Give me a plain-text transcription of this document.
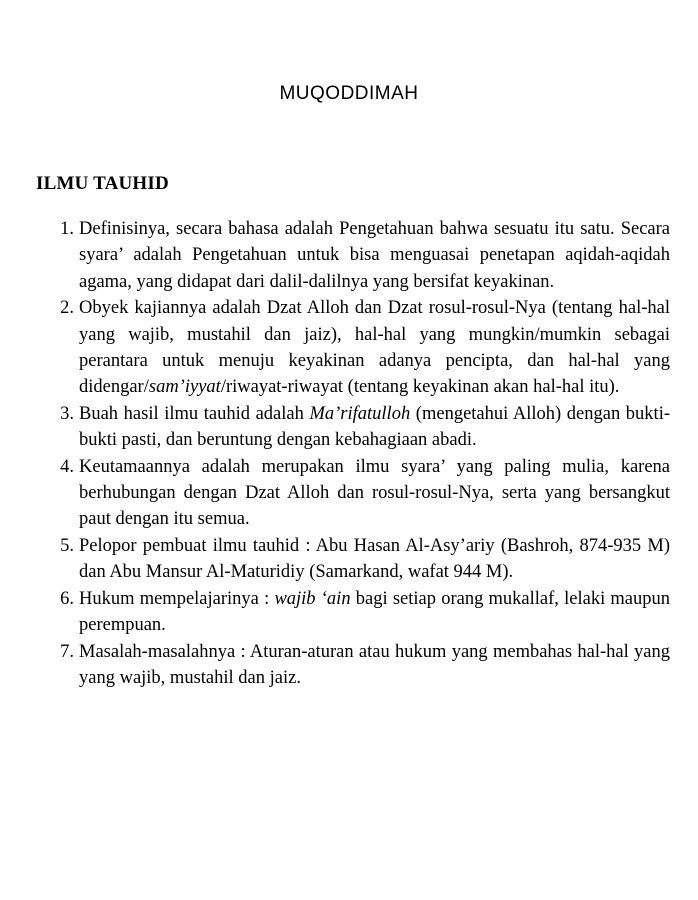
MUQODDIMAH
ILMU TAUHID
1. Definisinya, secara bahasa adalah Pengetahuan bahwa sesuatu itu satu. Secara syara’ adalah Pengetahuan untuk bisa menguasai penetapan aqidah-aqidah agama, yang didapat dari dalil-dalilnya yang bersifat keyakinan.
2. Obyek kajiannya adalah Dzat Alloh dan Dzat rosul-rosul-Nya (tentang hal-hal yang wajib, mustahil dan jaiz), hal-hal yang mungkin/mumkin sebagai perantara untuk menuju keyakinan adanya pencipta, dan hal-hal yang didengar/sam’iyyat/riwayat-riwayat (tentang keyakinan akan hal-hal itu).
3. Buah hasil ilmu tauhid adalah Ma’rifatulloh (mengetahui Alloh) dengan bukti-bukti pasti, dan beruntung dengan kebahagiaan abadi.
4. Keutamaannya adalah merupakan ilmu syara’ yang paling mulia, karena berhubungan dengan Dzat Alloh dan rosul-rosul-Nya, serta yang bersangkut paut dengan itu semua.
5. Pelopor pembuat ilmu tauhid : Abu Hasan Al-Asy’ariy (Bashroh, 874-935 M) dan Abu Mansur Al-Maturidiy (Samarkand, wafat 944 M).
6. Hukum mempelajarinya : wajib ‘ain bagi setiap orang mukallaf, lelaki maupun perempuan.
7. Masalah-masalahnya : Aturan-aturan atau hukum yang membahas hal-hal yang yang wajib, mustahil dan jaiz.
